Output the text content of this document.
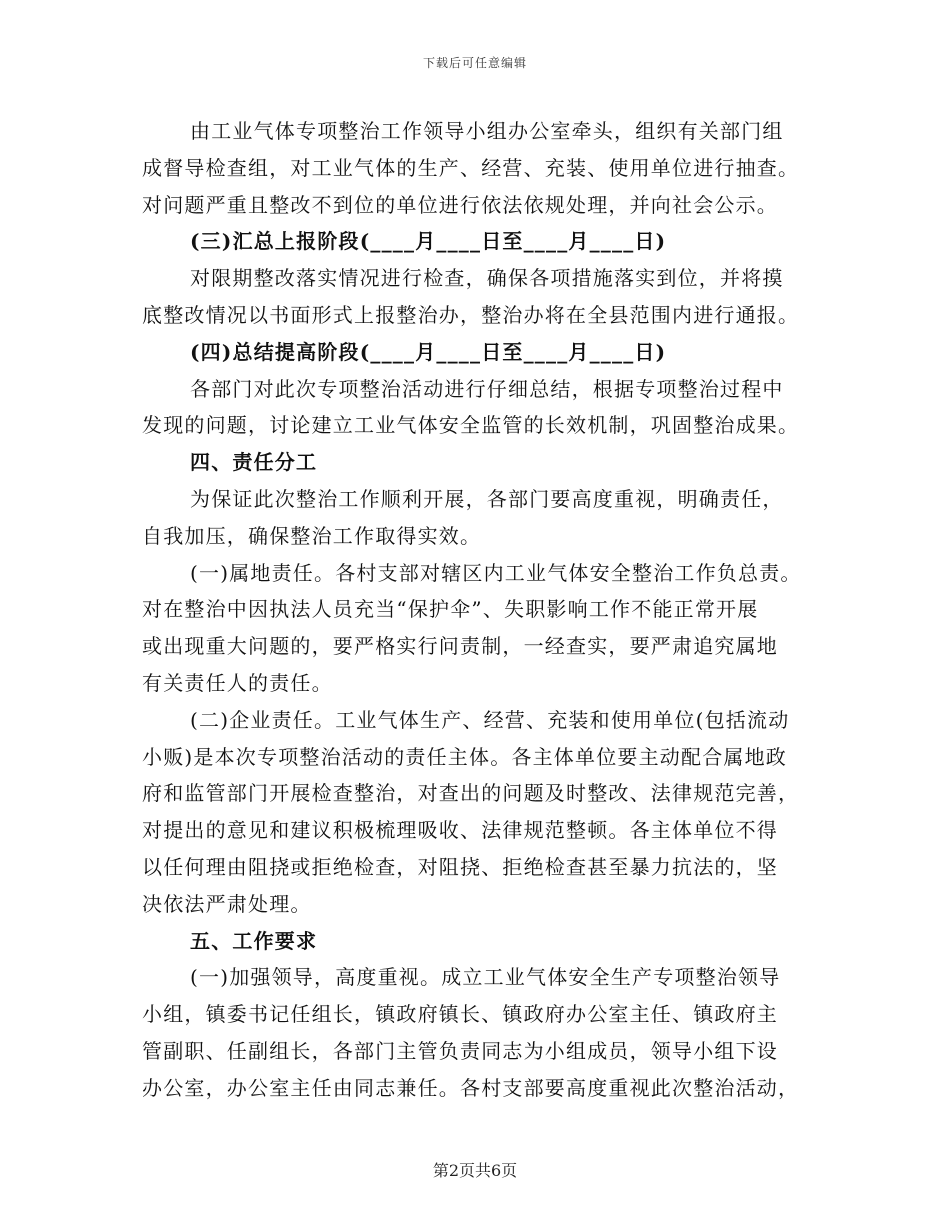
下载后可任意编辑
由工业气体专项整治工作领导小组办公室牵头，组织有关部门组
成督导检查组，对工业气体的生产、经营、充装、使用单位进行抽查。
对问题严重且整改不到位的单位进行依法依规处理，并向社会公示。
(三)汇总上报阶段(____月____日至____月____日)
对限期整改落实情况进行检查，确保各项措施落实到位，并将摸
底整改情况以书面形式上报整治办，整治办将在全县范围内进行通报。
(四)总结提高阶段(____月____日至____月____日)
各部门对此次专项整治活动进行仔细总结，根据专项整治过程中
发现的问题，讨论建立工业气体安全监管的长效机制，巩固整治成果。
四、责任分工
为保证此次整治工作顺利开展，各部门要高度重视，明确责任，
自我加压，确保整治工作取得实效。
(一)属地责任。各村支部对辖区内工业气体安全整治工作负总责。
对在整治中因执法人员充当“保护伞”、失职影响工作不能正常开展
或出现重大问题的，要严格实行问责制，一经查实，要严肃追究属地
有关责任人的责任。
(二)企业责任。工业气体生产、经营、充装和使用单位(包括流动
小贩)是本次专项整治活动的责任主体。各主体单位要主动配合属地政
府和监管部门开展检查整治，对查出的问题及时整改、法律规范完善，
对提出的意见和建议积极梳理吸收、法律规范整顿。各主体单位不得
以任何理由阻挠或拒绝检查，对阻挠、拒绝检查甚至暴力抗法的，坚
决依法严肃处理。
五、工作要求
(一)加强领导，高度重视。成立工业气体安全生产专项整治领导
小组，镇委书记任组长，镇政府镇长、镇政府办公室主任、镇政府主
管副职、任副组长，各部门主管负责同志为小组成员，领导小组下设
办公室，办公室主任由同志兼任。各村支部要高度重视此次整治活动，
第2页共6页
